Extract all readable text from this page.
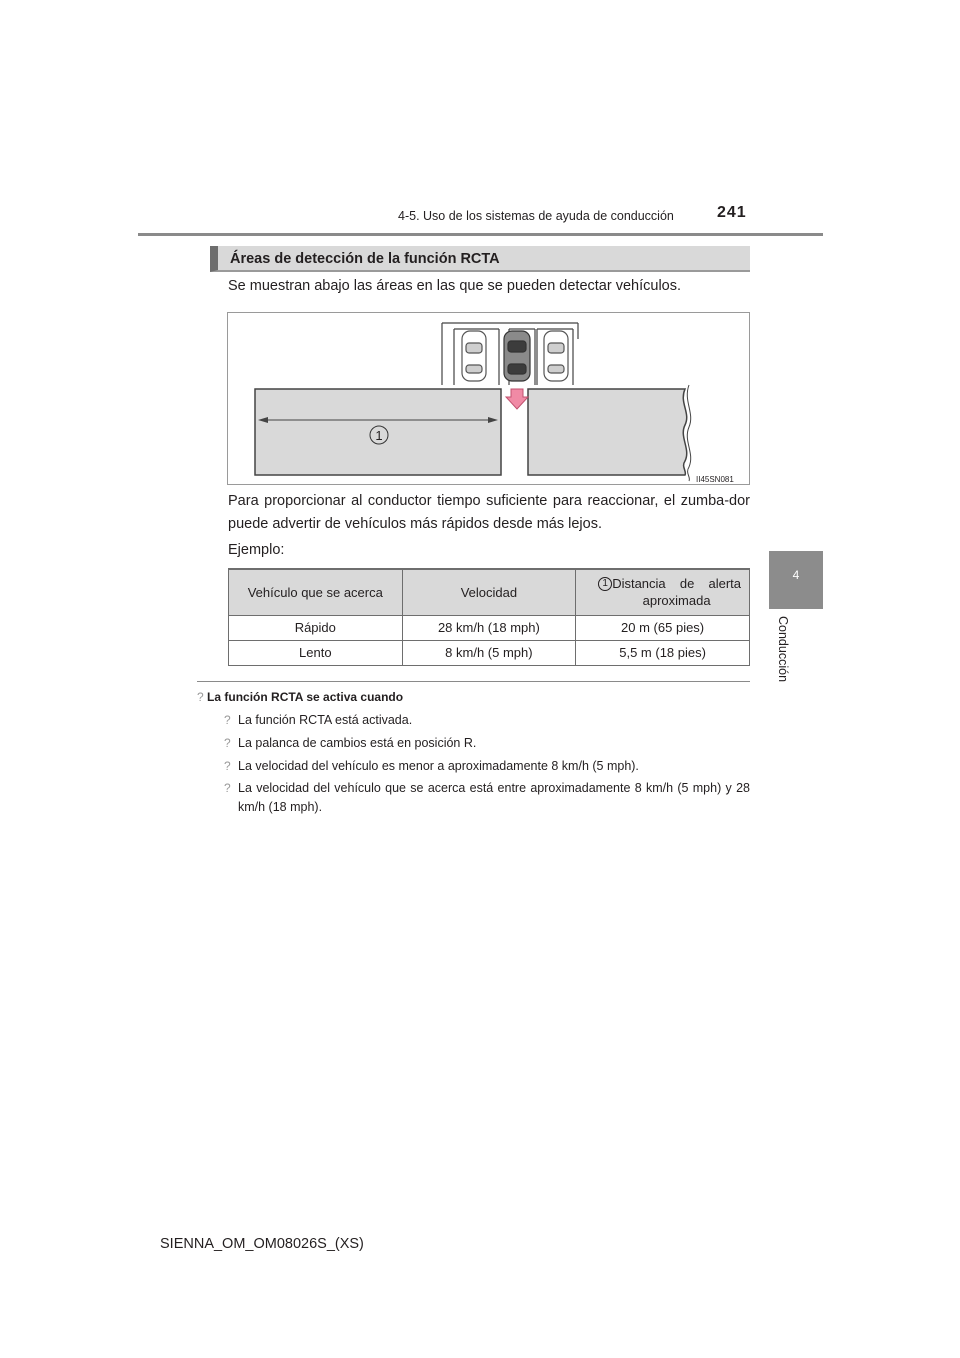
4-5. Uso de los sistemas de ayuda de conducción	241
4
Conducción
Áreas de detección de la función RCTA
Se muestran abajo las áreas en las que se pueden detectar vehículos.
1
II45SN081
Para proporcionar al conductor tiempo suficiente para reaccionar, el zumba-dor puede advertir de vehículos más rápidos desde más lejos.
Ejemplo:
Vehículo que se acerca	Velocidad	1 Distancia de alerta
aproximada

Rápido	28 km/h (18 mph)	20 m (65 pies)
Lento	8 km/h (5 mph)	5,5 m (18 pies)
? La función RCTA se activa cuando
? La función RCTA está activada.
? La palanca de cambios está en posición R.
? La velocidad del vehículo es menor a aproximadamente 8 km/h (5 mph).
? La velocidad del vehículo que se acerca está entre aproximadamente 8 km/h (5 mph) y 28 km/h (18 mph).
SIENNA_OM_OM08026S_(XS)
